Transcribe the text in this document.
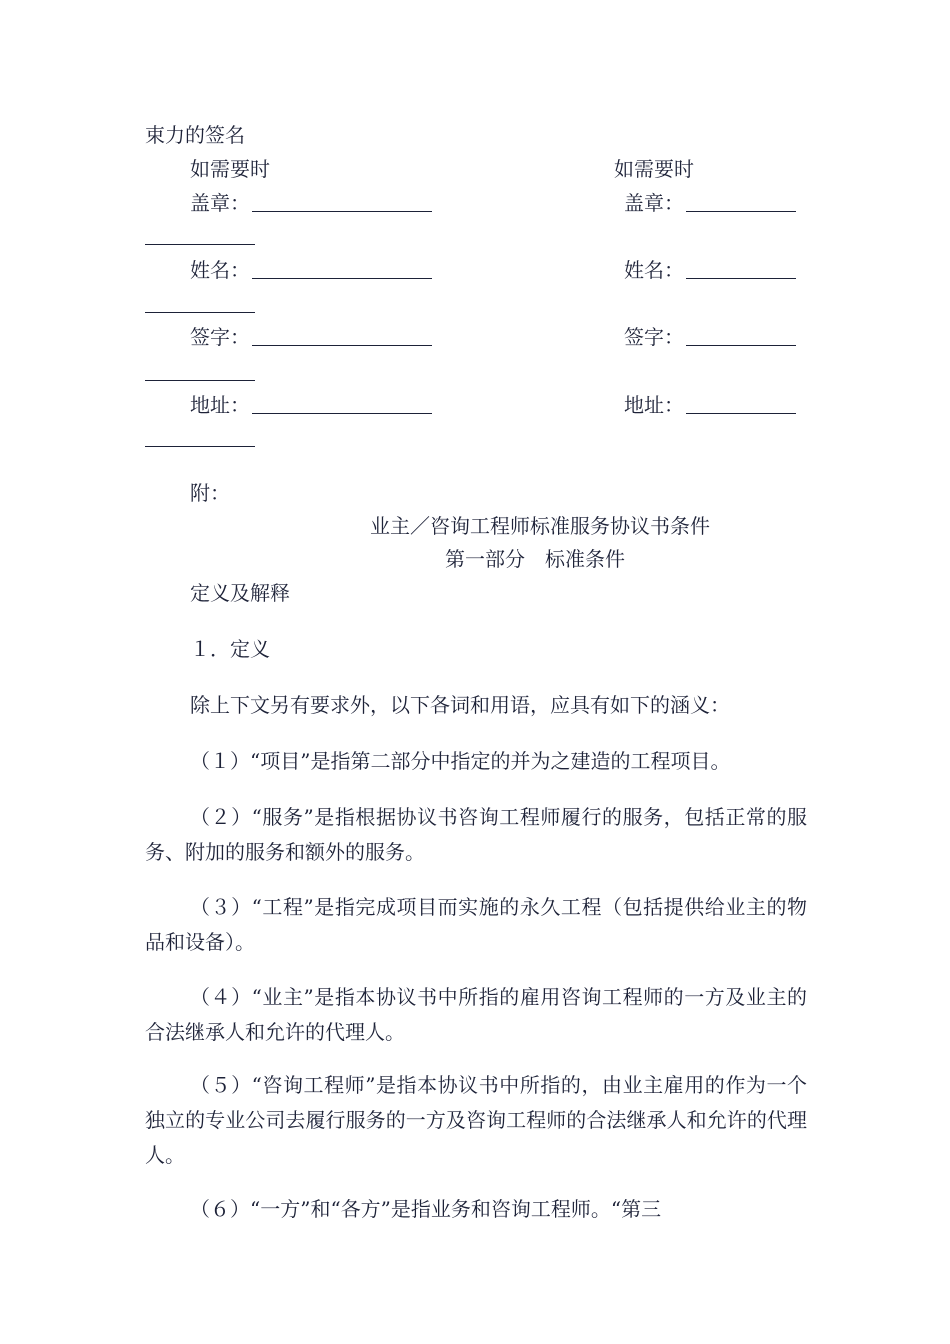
束力的签名
如需要时	如需要时
盖章：	盖章：
姓名：	姓名：
签字：	签字：
地址：	地址：
附：
业主／咨询工程师标准服务协议书条件
第一部分　标准条件
定义及解释
１．定义
除上下文另有要求外，以下各词和用语，应具有如下的涵义：
（１）“项目”是指第二部分中指定的并为之建造的工程项目。
（２）“服务”是指根据协议书咨询工程师履行的服务，包括正常的服务、附加的服务和额外的服务。
（３）“工程”是指完成项目而实施的永久工程（包括提供给业主的物品和设备）。
（４）“业主”是指本协议书中所指的雇用咨询工程师的一方及业主的合法继承人和允许的代理人。
（５）“咨询工程师”是指本协议书中所指的，由业主雇用的作为一个独立的专业公司去履行服务的一方及咨询工程师的合法继承人和允许的代理人。
（６）“一方”和“各方”是指业务和咨询工程师。“第三
